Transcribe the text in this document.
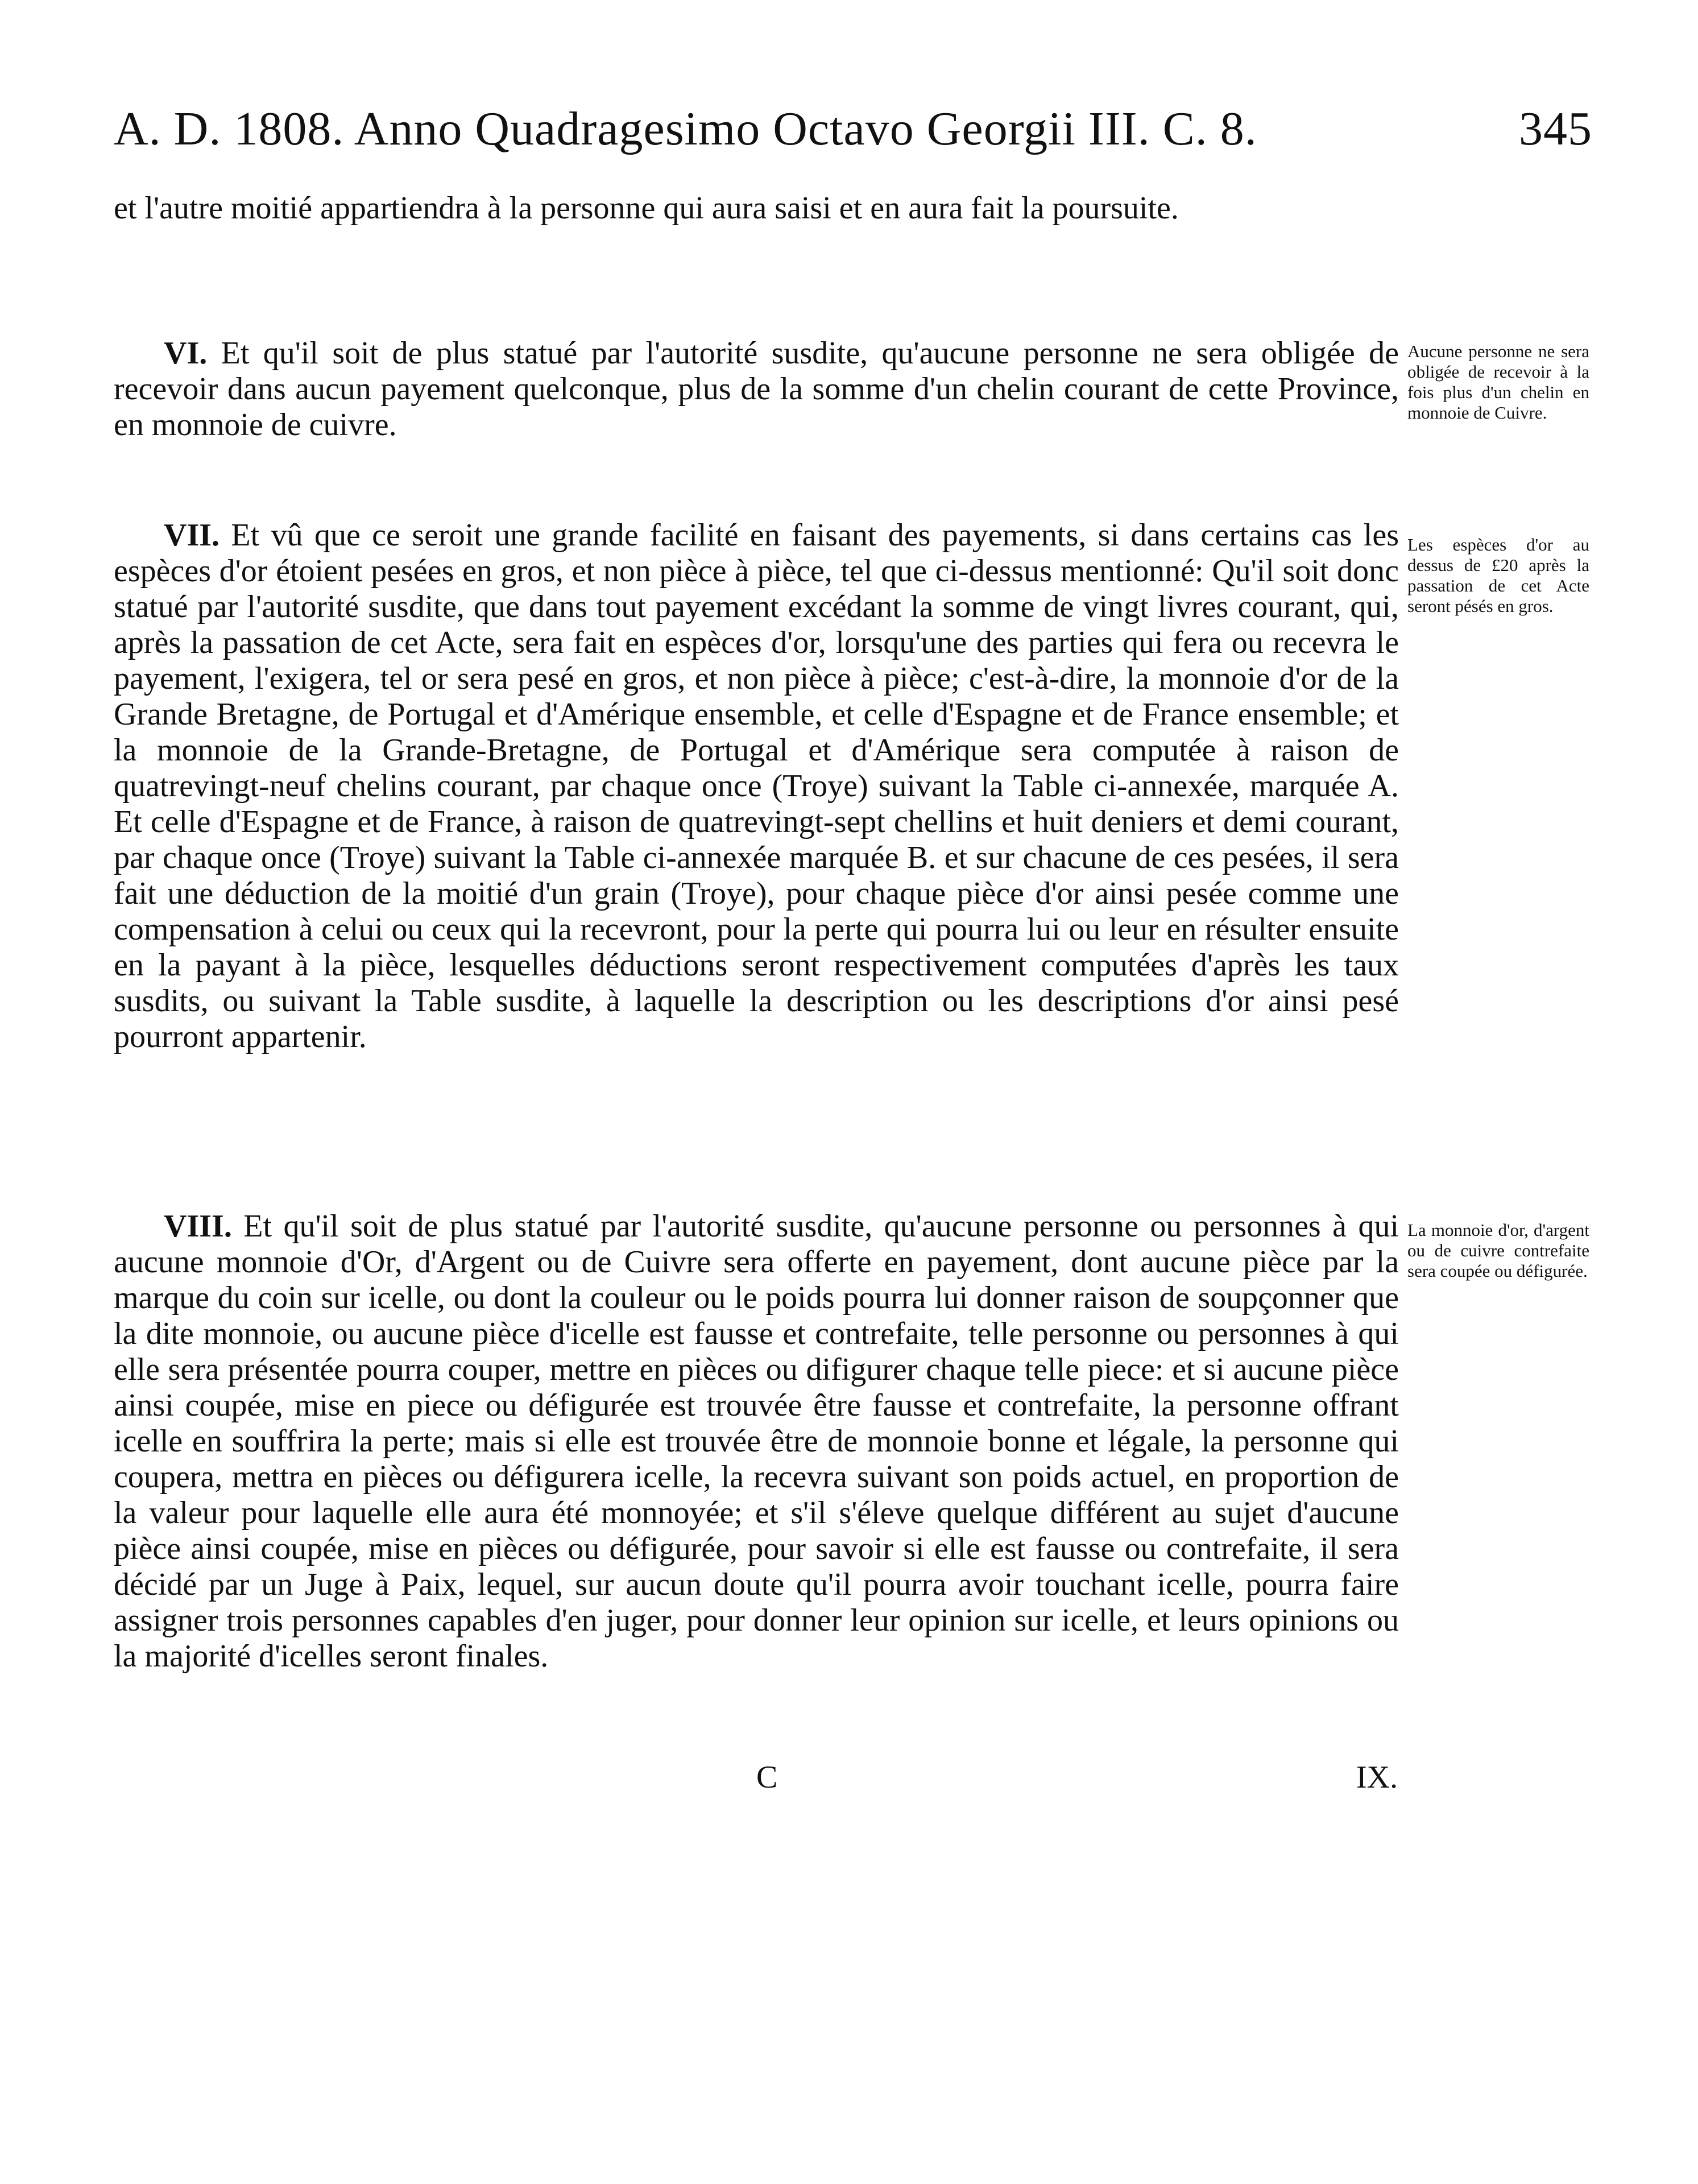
A. D. 1808. Anno Quadragesimo Octavo Georgii III. C. 8.	345

et l'autre moitié appartiendra à la personne qui aura saisi et en aura fait la poursuite.

VI. Et qu'il soit de plus statué par l'autorité susdite, qu'aucune personne ne sera obligée de recevoir dans aucun payement quelconque, plus de la somme d'un chelin courant de cette Province, en monnoie de cuivre.

Aucune personne ne sera obligée de recevoir à la fois plus d'un chelin en monnoie de Cuivre.

VII. Et vû que ce seroit une grande facilité en faisant des payements, si dans certains cas les espèces d'or étoient pesées en gros, et non pièce à pièce, tel que ci-dessus mentionné: Qu'il soit donc statué par l'autorité susdite, que dans tout payement excédant la somme de vingt livres courant, qui, après la passation de cet Acte, sera fait en espèces d'or, lorsqu'une des parties qui fera ou recevra le payement, l'exigera, tel or sera pesé en gros, et non pièce à pièce; c'est-à-dire, la monnoie d'or de la Grande Bretagne, de Portugal et d'Amérique ensemble, et celle d'Espagne et de France ensemble; et la monnoie de la Grande-Bretagne, de Portugal et d'Amérique sera computée à raison de quatrevingt-neuf chelins courant, par chaque once (Troye) suivant la Table ci-annexée, marquée A. Et celle d'Espagne et de France, à raison de quatrevingt-sept chellins et huit deniers et demi courant, par chaque once (Troye) suivant la Table ci-annexée marquée B. et sur chacune de ces pesées, il sera fait une déduction de la moitié d'un grain (Troye), pour chaque pièce d'or ainsi pesée comme une compensation à celui ou ceux qui la recevront, pour la perte qui pourra lui ou leur en résulter ensuite en la payant à la pièce, lesquelles déductions seront respectivement computées d'après les taux susdits, ou suivant la Table susdite, à laquelle la description ou les descriptions d'or ainsi pesé pourront appartenir.

Les espèces d'or au dessus de £20 après la passation de cet Acte seront pésés en gros.

VIII. Et qu'il soit de plus statué par l'autorité susdite, qu'aucune personne ou personnes à qui aucune monnoie d'Or, d'Argent ou de Cuivre sera offerte en payement, dont aucune pièce par la marque du coin sur icelle, ou dont la couleur ou le poids pourra lui donner raison de soupçonner que la dite monnoie, ou aucune pièce d'icelle est fausse et contrefaite, telle personne ou personnes à qui elle sera présentée pourra couper, mettre en pièces ou difigurer chaque telle piece: et si aucune pièce ainsi coupée, mise en piece ou défigurée est trouvée être fausse et contrefaite, la personne offrant icelle en souffrira la perte; mais si elle est trouvée être de monnoie bonne et légale, la personne qui coupera, mettra en pièces ou défigurera icelle, la recevra suivant son poids actuel, en proportion de la valeur pour laquelle elle aura été monnoyée; et s'il s'éleve quelque différent au sujet d'aucune pièce ainsi coupée, mise en pièces ou défigurée, pour savoir si elle est fausse ou contrefaite, il sera décidé par un Juge à Paix, lequel, sur aucun doute qu'il pourra avoir touchant icelle, pourra faire assigner trois personnes capables d'en juger, pour donner leur opinion sur icelle, et leurs opinions ou la majorité d'icelles seront finales.

La monnoie d'or, d'argent ou de cuivre contrefaite sera coupée ou défigurée.
C	IX.
